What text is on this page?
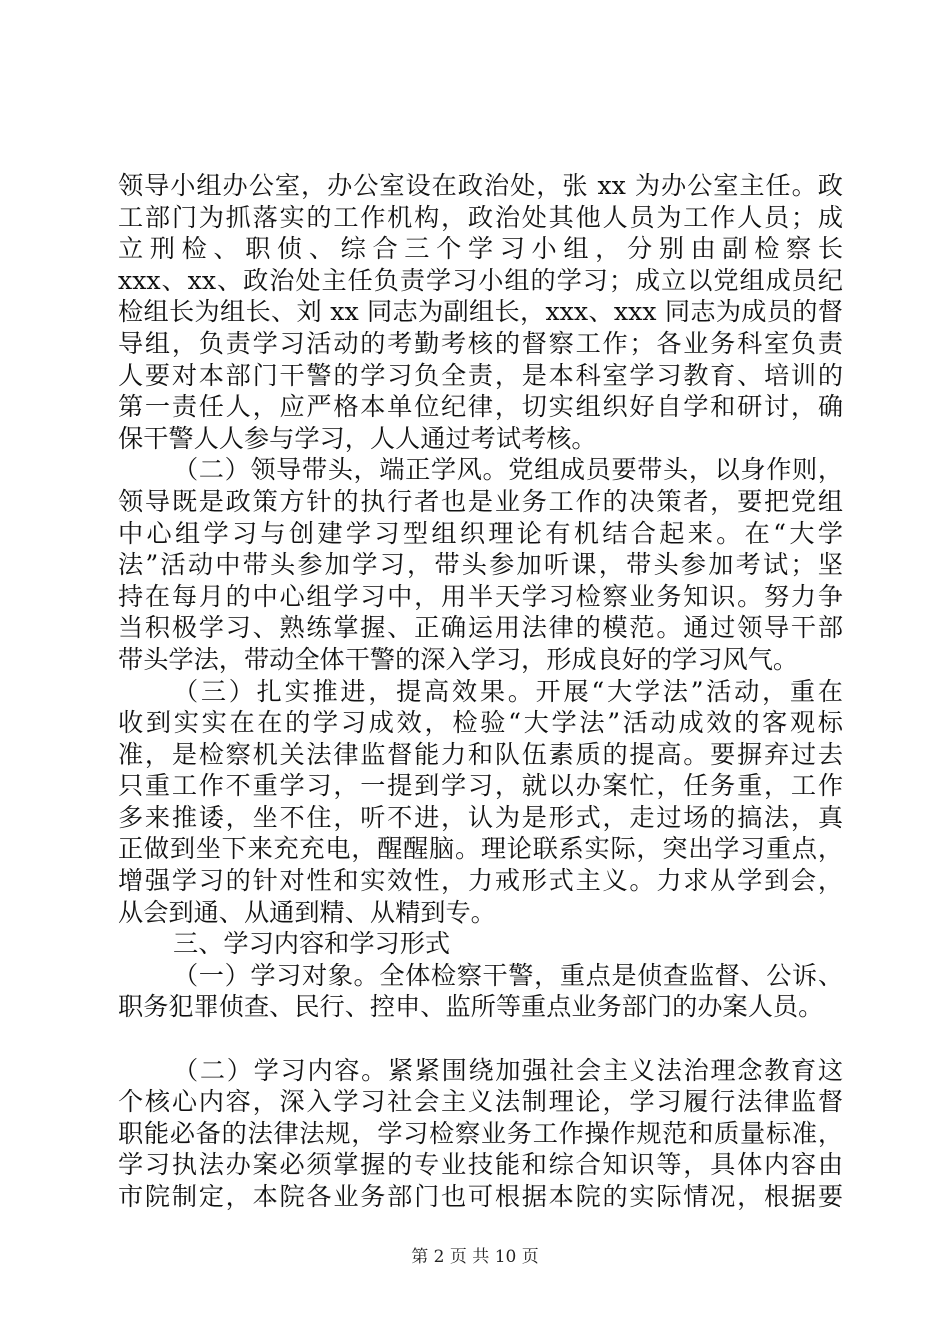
领导小组办公室，办公室设在政治处，张 xx 为办公室主任。政
工部门为抓落实的工作机构，政治处其他人员为工作人员；成
立刑检、职侦、综合三个学习小组，分别由副检察长
xxx、xx、政治处主任负责学习小组的学习；成立以党组成员纪
检组长为组长、刘 xx 同志为副组长，xxx、xxx 同志为成员的督
导组，负责学习活动的考勤考核的督察工作；各业务科室负责
人要对本部门干警的学习负全责，是本科室学习教育、培训的
第一责任人，应严格本单位纪律，切实组织好自学和研讨，确
保干警人人参与学习，人人通过考试考核。
（二）领导带头，端正学风。党组成员要带头，以身作则，
领导既是政策方针的执行者也是业务工作的决策者，要把党组
中心组学习与创建学习型组织理论有机结合起来。在“大学
法”活动中带头参加学习，带头参加听课，带头参加考试；坚
持在每月的中心组学习中，用半天学习检察业务知识。努力争
当积极学习、熟练掌握、正确运用法律的模范。通过领导干部
带头学法，带动全体干警的深入学习，形成良好的学习风气。
（三）扎实推进，提高效果。开展“大学法”活动，重在
收到实实在在的学习成效，检验“大学法”活动成效的客观标
准，是检察机关法律监督能力和队伍素质的提高。要摒弃过去
只重工作不重学习，一提到学习，就以办案忙，任务重，工作
多来推诿，坐不住，听不进，认为是形式，走过场的搞法，真
正做到坐下来充充电，醒醒脑。理论联系实际，突出学习重点，
增强学习的针对性和实效性，力戒形式主义。力求从学到会，
从会到通、从通到精、从精到专。
三、学习内容和学习形式
（一）学习对象。全体检察干警，重点是侦查监督、公诉、
职务犯罪侦查、民行、控申、监所等重点业务部门的办案人员。
（二）学习内容。紧紧围绕加强社会主义法治理念教育这
个核心内容，深入学习社会主义法制理论，学习履行法律监督
职能必备的法律法规，学习检察业务工作操作规范和质量标准，
学习执法办案必须掌握的专业技能和综合知识等，具体内容由
市院制定，本院各业务部门也可根据本院的实际情况，根据要
第 2 页 共 10 页
